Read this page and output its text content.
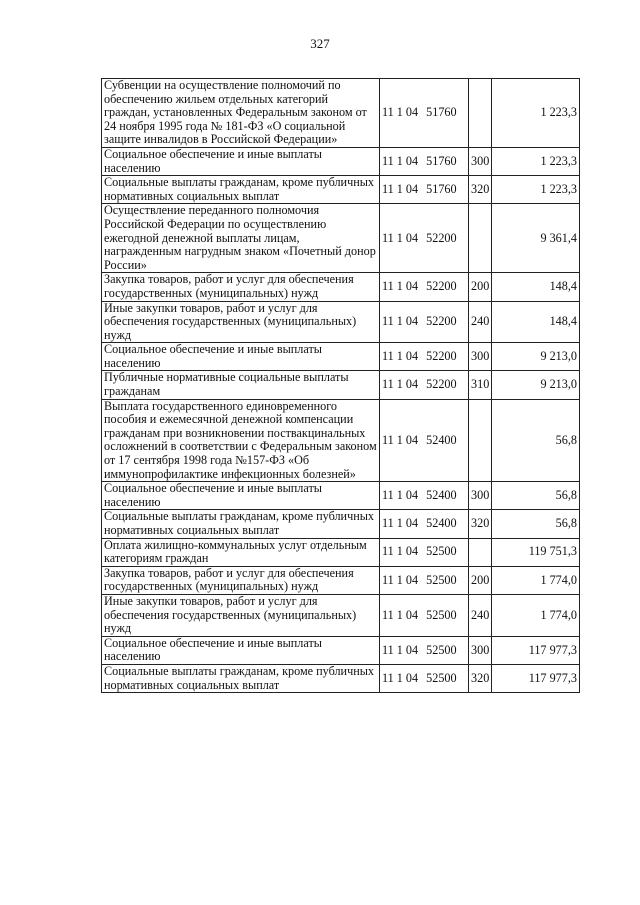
327
Субвенции на осуществление полномочий по обеспечению жильем отдельных категорий граждан, установленных Федеральным законом от 24 ноября 1995 года № 181-ФЗ «О социальной защите инвалидов в Российской Федерации»	11 1 04 51760		1 223,3
Социальное обеспечение и иные выплаты населению	11 1 04 51760	300	1 223,3
Социальные выплаты гражданам, кроме публичных нормативных социальных выплат	11 1 04 51760	320	1 223,3
Осуществление переданного полномочия Российской Федерации по осуществлению ежегодной денежной выплаты лицам, награжденным нагрудным знаком «Почетный донор России»	11 1 04 52200		9 361,4
Закупка товаров, работ и услуг для обеспечения государственных (муниципальных) нужд	11 1 04 52200	200	148,4
Иные закупки товаров, работ и услуг для обеспечения государственных (муниципальных) нужд	11 1 04 52200	240	148,4
Социальное обеспечение и иные выплаты населению	11 1 04 52200	300	9 213,0
Публичные нормативные социальные выплаты гражданам	11 1 04 52200	310	9 213,0
Выплата государственного единовременного пособия и ежемесячной денежной компенсации гражданам при возникновении поствакцинальных осложнений в соответствии с Федеральным законом от 17 сентября 1998 года №157-ФЗ «Об иммунопрофилактике инфекционных болезней»	11 1 04 52400		56,8
Социальное обеспечение и иные выплаты населению	11 1 04 52400	300	56,8
Социальные выплаты гражданам, кроме публичных нормативных социальных выплат	11 1 04 52400	320	56,8
Оплата жилищно-коммунальных услуг отдельным категориям граждан	11 1 04 52500		119 751,3
Закупка товаров, работ и услуг для обеспечения государственных (муниципальных) нужд	11 1 04 52500	200	1 774,0
Иные закупки товаров, работ и услуг для обеспечения государственных (муниципальных) нужд	11 1 04 52500	240	1 774,0
Социальное обеспечение и иные выплаты населению	11 1 04 52500	300	117 977,3
Социальные выплаты гражданам, кроме публичных нормативных социальных выплат	11 1 04 52500	320	117 977,3
